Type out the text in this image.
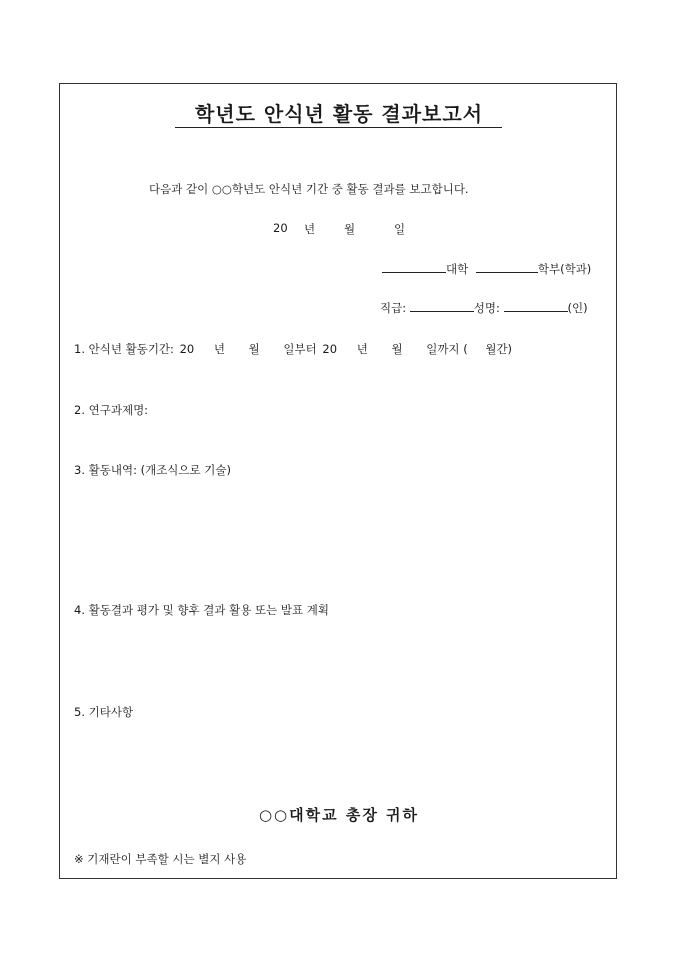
학년도 안식년 활동 결과보고서
다음과 같이 ○○학년도 안식년 기간 중 활동 결과를 보고합니다.
20 년	월	일
대학	학부(학과)
직급:	성명:	(인)
1. 안식년 활동기간: 20 년 월 일부터 20 년 월 일까지 ( 월간)
2. 연구과제명:
3. 활동내역: (개조식으로 기술)
4. 활동결과 평가 및 향후 결과 활용 또는 발표 계획
5. 기타사항
○○대학교 총장 귀하
※ 기재란이 부족할 시는 별지 사용
